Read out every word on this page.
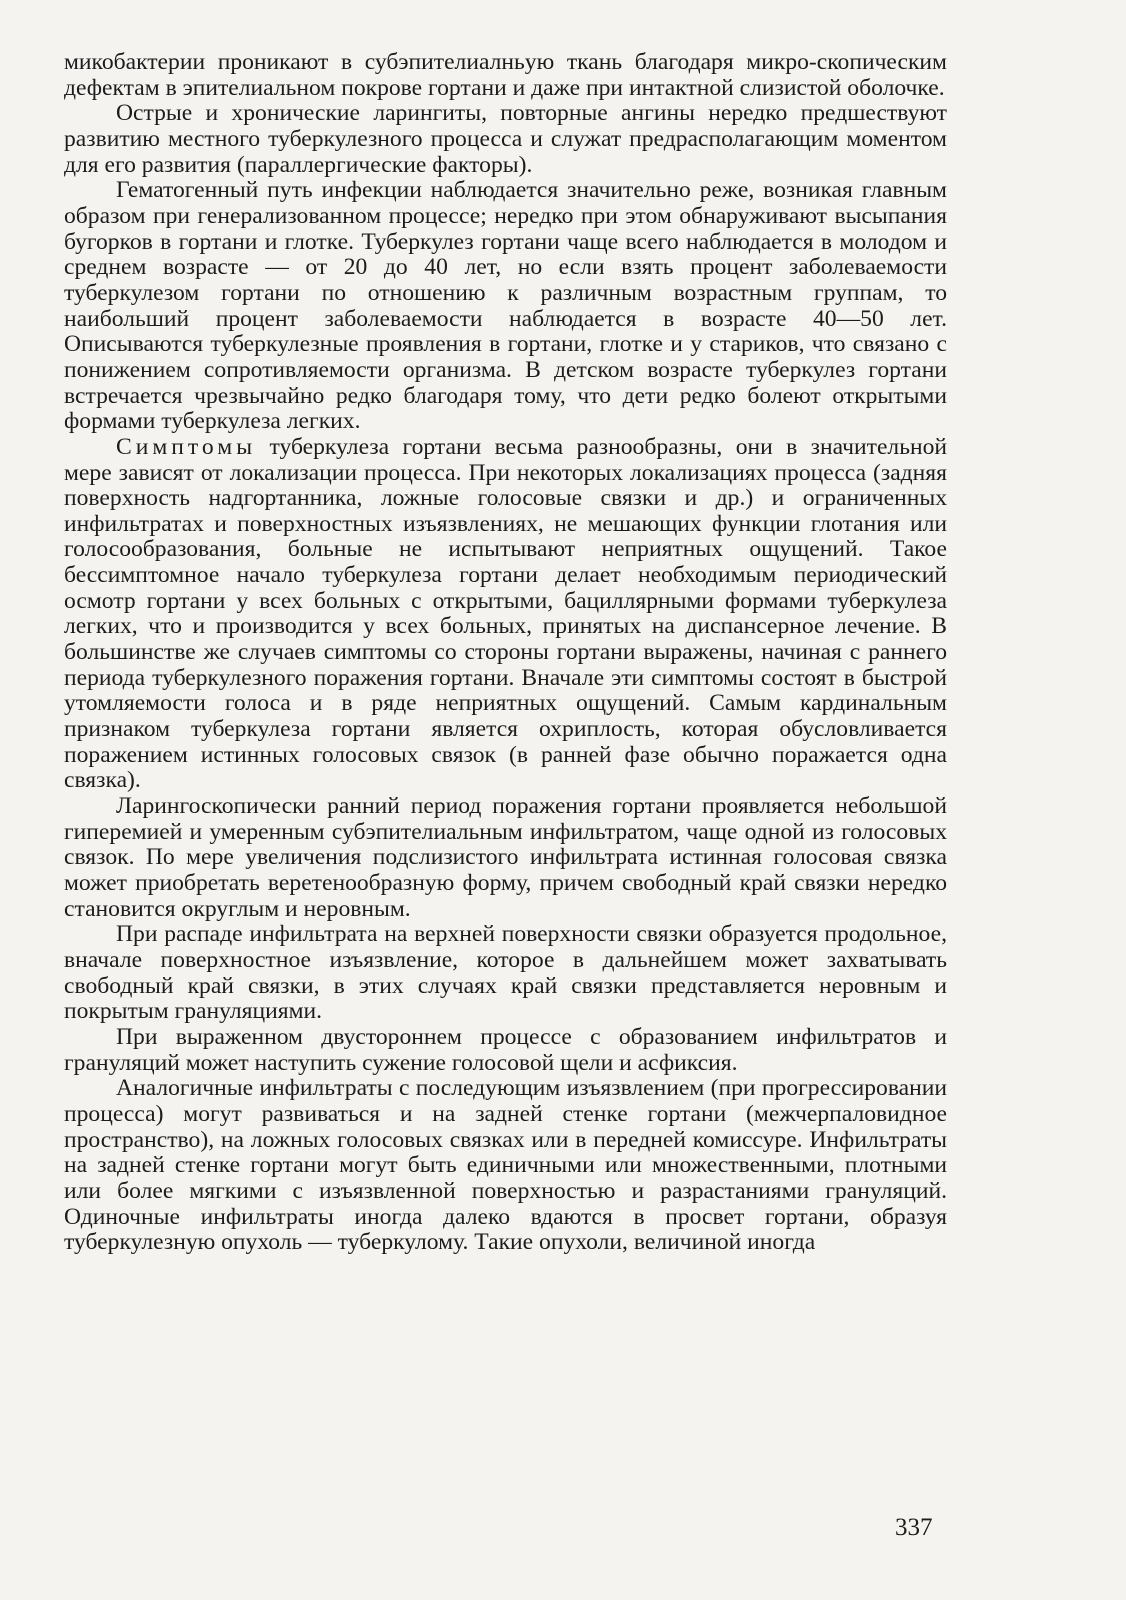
микобактерии проникают в субэпителиалньую ткань благодаря микро-скопическим дефектам в эпителиальном покрове гортани и даже при интактной слизистой оболочке.

Острые и хронические ларингиты, повторные ангины нередко предшествуют развитию местного туберкулезного процесса и служат предрасполагающим моментом для его развития (параллергические факторы).

Гематогенный путь инфекции наблюдается значительно реже, возникая главным образом при генерализованном процессе; нередко при этом обнаруживают высыпания бугорков в гортани и глотке. Туберкулез гортани чаще всего наблюдается в молодом и среднем возрасте — от 20 до 40 лет, но если взять процент заболеваемости туберкулезом гортани по отношению к различным возрастным группам, то наибольший процент заболеваемости наблюдается в возрасте 40—50 лет. Описываются туберкулезные проявления в гортани, глотке и у стариков, что связано с понижением сопротивляемости организма. В детском возрасте туберкулез гортани встречается чрезвычайно редко благодаря тому, что дети редко болеют открытыми формами туберкулеза легких.

Симптомы туберкулеза гортани весьма разнообразны, они в значительной мере зависят от локализации процесса. При некоторых локализациях процесса (задняя поверхность надгортанника, ложные голосовые связки и др.) и ограниченных инфильтратах и поверхностных изъязвлениях, не мешающих функции глотания или голосообразования, больные не испытывают неприятных ощущений. Такое бессимптомное начало туберкулеза гортани делает необходимым периодический осмотр гортани у всех больных с открытыми, бациллярными формами туберкулеза легких, что и производится у всех больных, принятых на диспансерное лечение. В большинстве же случаев симптомы со стороны гортани выражены, начиная с раннего периода туберкулезного поражения гортани. Вначале эти симптомы состоят в быстрой утомляемости голоса и в ряде неприятных ощущений. Самым кардинальным признаком туберкулеза гортани является охриплость, которая обусловливается поражением истинных голосовых связок (в ранней фазе обычно поражается одна связка).

Ларингоскопически ранний период поражения гортани проявляется небольшой гиперемией и умеренным субэпителиальным инфильтратом, чаще одной из голосовых связок. По мере увеличения подслизистого инфильтрата истинная голосовая связка может приобретать веретенообразную форму, причем свободный край связки нередко становится округлым и неровным.

При распаде инфильтрата на верхней поверхности связки образуется продольное, вначале поверхностное изъязвление, которое в дальнейшем может захватывать свободный край связки, в этих случаях край связки представляется неровным и покрытым грануляциями.

При выраженном двустороннем процессе с образованием инфильтратов и грануляций может наступить сужение голосовой щели и асфиксия.

Аналогичные инфильтраты с последующим изъязвлением (при прогрессировании процесса) могут развиваться и на задней стенке гортани (межчерпаловидное пространство), на ложных голосовых связках или в передней комиссуре. Инфильтраты на задней стенке гортани могут быть единичными или множественными, плотными или более мягкими с изъязвленной поверхностью и разрастаниями грануляций. Одиночные инфильтраты иногда далеко вдаются в просвет гортани, образуя туберкулезную опухоль — туберкулому. Такие опухоли, величиной иногда

337
